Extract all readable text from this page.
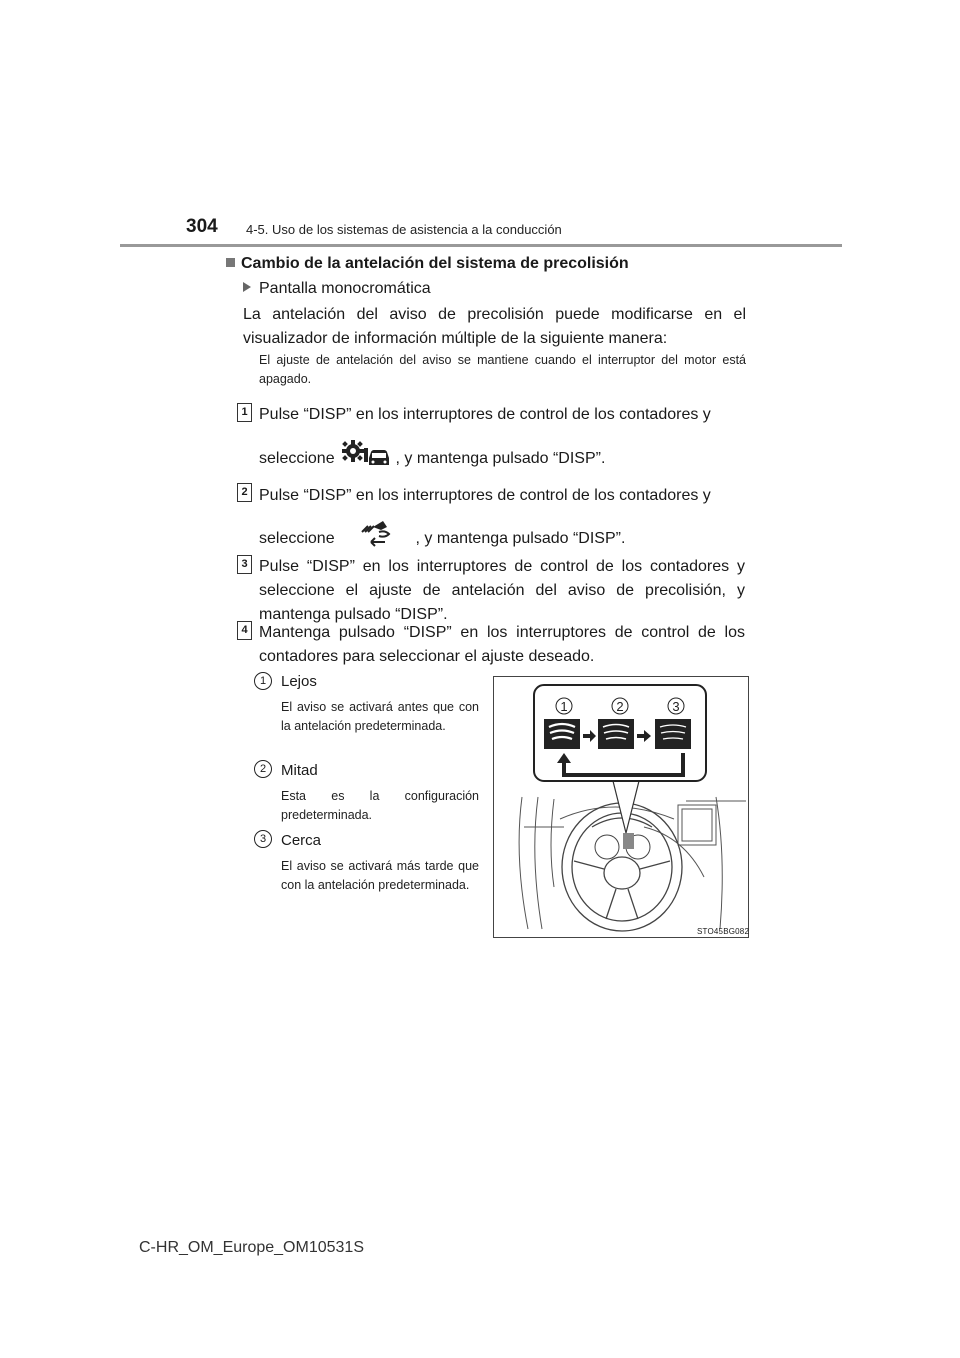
304 4-5. Uso de los sistemas de asistencia a la conducción
Cambio de la antelación del sistema de precolisión
Pantalla monocromática
La antelación del aviso de precolisión puede modificarse en el visualizador de información múltiple de la siguiente manera:
El ajuste de antelación del aviso se mantiene cuando el interruptor del motor está apagado.
1 Pulse “DISP” en los interruptores de control de los contadores y
seleccione	, y mantenga pulsado “DISP”.
2 Pulse “DISP” en los interruptores de control de los contadores y
seleccione	, y mantenga pulsado “DISP”.
3 Pulse “DISP” en los interruptores de control de los contadores y seleccione el ajuste de antelación del aviso de precolisión, y mantenga pulsado “DISP”.
4 Mantenga pulsado “DISP” en los interruptores de control de los contadores para seleccionar el ajuste deseado.
1 Lejos
El aviso se activará antes que con la antelación predeterminada.
2 Mitad
Esta es la configuración predeterminada.
3 Cerca
El aviso se activará más tarde que con la antelación predeterminada.
1	2	3
STO45BG082
C-HR_OM_Europe_OM10531S
